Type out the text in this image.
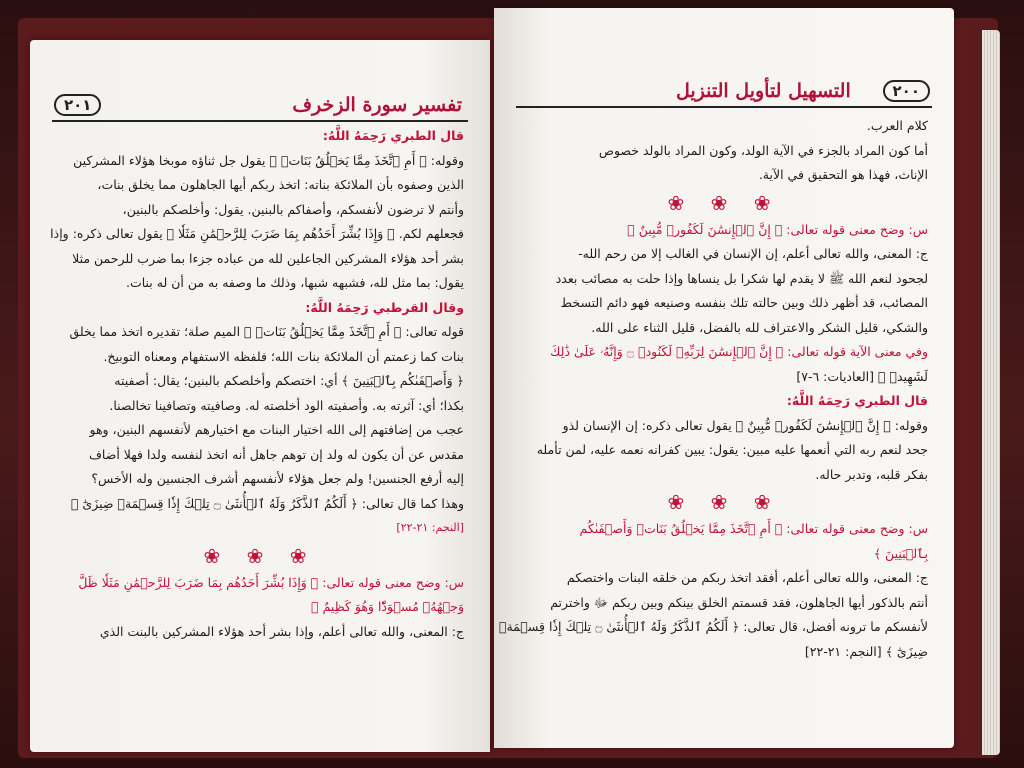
تفسير سورة الزخرف
٢٠١
قال الطبري رَحِمَهُ اللَّهُ:
وقوله: ﴿ أَمِ ٱتَّخَذَ مِمَّا يَخۡلُقُ بَنَاتٖ ﴾ يقول جل ثناؤه موبخا هؤلاء المشركين
الذين وصفوه بأن الملائكة بناته: اتخذ ربكم أيها الجاهلون مما يخلق بنات،
وأنتم لا ترضون لأنفسكم، وأصفاكم بالبنين. يقول: وأخلصكم بالبنين،
فجعلهم لكم. ﴿ وَإِذَا بُشِّرَ أَحَدُهُم بِمَا ضَرَبَ لِلرَّحۡمَٰنِ مَثَلٗا ﴾ يقول تعالى ذكره: وإذا
بشر أحد هؤلاء المشركين الجاعلين لله من عباده جزءا بما ضرب للرحمن مثلا
يقول: بما مثل لله، فشبهه شبها، وذلك ما وصفه به من أن له بنات.
وقال القرطبي رَحِمَهُ اللَّهُ:
قوله تعالى: ﴿ أَمِ ٱتَّخَذَ مِمَّا يَخۡلُقُ بَنَاتٖ ﴾ الميم صلة؛ تقديره اتخذ مما يخلق
بنات كما زعمتم أن الملائكة بنات الله؛ فلفظه الاستفهام ومعناه التوبيخ.
﴿ وَأَصۡفَىٰكُم بِٱلۡبَنِينَ ﴾ أي: اختصكم وأخلصكم بالبنين؛ يقال: أصفيته
بكذا؛ أي: آثرته به. وأصفيته الود أخلصته له. وصافيته وتصافينا تخالصنا.
عجب من إضافتهم إلى الله اختيار البنات مع اختيارهم لأنفسهم البنين، وهو
مقدس عن أن يكون له ولد إن توهم جاهل أنه اتخذ لنفسه ولدا فهلا أضاف
إليه أرفع الجنسين! ولم جعل هؤلاء لأنفسهم أشرف الجنسين وله الأخس؟
وهذا كما قال تعالى: ﴿ أَلَكُمُ ٱلذَّكَرُ وَلَهُ ٱلۡأُنثَىٰ ۝ تِلۡكَ إِذٗا قِسۡمَةٞ ضِيزَىٰٓ ﴾
[النجم: ٢١-٢٢]
❀ ❀ ❀
س: وضح معنى قوله تعالى: ﴿ وَإِذَا بُشِّرَ أَحَدُهُم بِمَا ضَرَبَ لِلرَّحۡمَٰنِ مَثَلٗا ظَلَّ
وَجۡهُهُۥ مُسۡوَدّٗا وَهُوَ كَظِيمٌ ﴾
ج: المعنى، والله تعالى أعلم، وإذا بشر أحد هؤلاء المشركين بالبنت الذي
التسهيل لتأويل التنزيل	٢٠٠
كلام العرب.
أما كون المراد بالجزء في الآية الولد، وكون المراد بالولد خصوص
الإناث، فهذا هو التحقيق في الآية.
❀ ❀ ❀
س: وضح معنى قوله تعالى: ﴿ إِنَّ ٱلۡإِنسَٰنَ لَكَفُورٞ مُّبِينٌ ﴾
ج: المعنى، والله تعالى أعلم، إن الإنسان في الغالب إلا من رحم الله-
لجحود لنعم الله ﷺ لا يقدم لها شكرا بل ينساها وإذا حلت به مصائب بعدد
المصائب، قد أظهر ذلك وبين حالته تلك بنفسه وصنيعه فهو دائم التسخط
والشكي، قليل الشكر والاعتراف لله بالفضل، قليل الثناء على الله.
وفي معنى الآية قوله تعالى: ﴿ إِنَّ ٱلۡإِنسَٰنَ لِرَبِّهِۦ لَكَنُودٞ ۝ وَإِنَّهُۥ عَلَىٰ ذَٰلِكَ
لَشَهِيدٞ ﴾ [العاديات: ٦-٧]
قال الطبري رَحِمَهُ اللَّهُ:
وقوله: ﴿ إِنَّ ٱلۡإِنسَٰنَ لَكَفُورٞ مُّبِينٌ ﴾ يقول تعالى ذكره: إن الإنسان لذو
جحد لنعم ربه التي أنعمها عليه مبين: يقول: يبين كفرانه نعمه عليه، لمن تأمله
بفكر قلبه، وتدبر حاله.
❀ ❀ ❀
س: وضح معنى قوله تعالى: ﴿ أَمِ ٱتَّخَذَ مِمَّا يَخۡلُقُ بَنَاتٖ وَأَصۡفَىٰكُم
بِٱلۡبَنِينَ ﴾
ج: المعنى، والله تعالى أعلم، أفقد اتخذ ربكم من خلقه البنات واختصكم
أنتم بالذكور أيها الجاهلون، فقد قسمتم الخلق بينكم وبين ربكم ﷻ واخترتم
لأنفسكم ما ترونه أفضل، قال تعالى: ﴿ أَلَكُمُ ٱلذَّكَرُ وَلَهُ ٱلۡأُنثَىٰ ۝ تِلۡكَ إِذٗا قِسۡمَةٞ
ضِيزَىٰٓ ﴾ [النجم: ٢١-٢٢]
